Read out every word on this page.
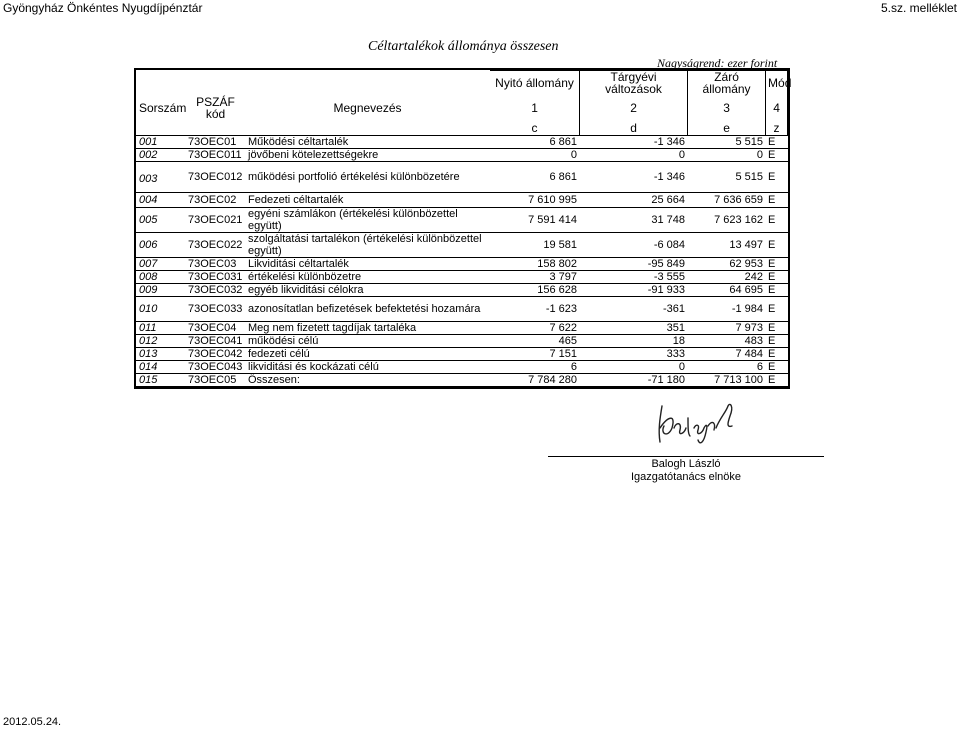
Gyöngyház Önkéntes Nyugdíjpénztár	5.sz. melléklet
Céltartalékok állománya összesen
Nagyságrend: ezer forint
			Nyitó állomány	Tárgyévi változások	Záró állomány	Mód
Sorszám	PSZÁF kód	Megnevezés	1	2	3	4
			c	d	e	z
001	73OEC01	Működési céltartalék	6 861	-1 346	5 515	E
002	73OEC011	jövőbeni kötelezettségekre	0	0	0	E
003	73OEC012	működési portfolió értékelési különbözetére	6 861	-1 346	5 515	E
004	73OEC02	Fedezeti céltartalék	7 610 995	25 664	7 636 659	E
005	73OEC021	egyéni számlákon (értékelési különbözettel együtt)	7 591 414	31 748	7 623 162	E
006	73OEC022	szolgáltatási tartalékon (értékelési különbözettel együtt)	19 581	-6 084	13 497	E
007	73OEC03	Likviditási céltartalék	158 802	-95 849	62 953	E
008	73OEC031	értékelési különbözetre	3 797	-3 555	242	E
009	73OEC032	egyéb likviditási célokra	156 628	-91 933	64 695	E
010	73OEC033	azonosítatlan befizetések befektetési hozamára	-1 623	-361	-1 984	E
011	73OEC04	Meg nem fizetett tagdíjak tartaléka	7 622	351	7 973	E
012	73OEC041	működési célú	465	18	483	E
013	73OEC042	fedezeti célú	7 151	333	7 484	E
014	73OEC043	likviditási és kockázati célú	6	0	6	E
015	73OEC05	Összesen:	7 784 280	-71 180	7 713 100	E
Balogh László
Igazgatótanács elnöke
2012.05.24.
